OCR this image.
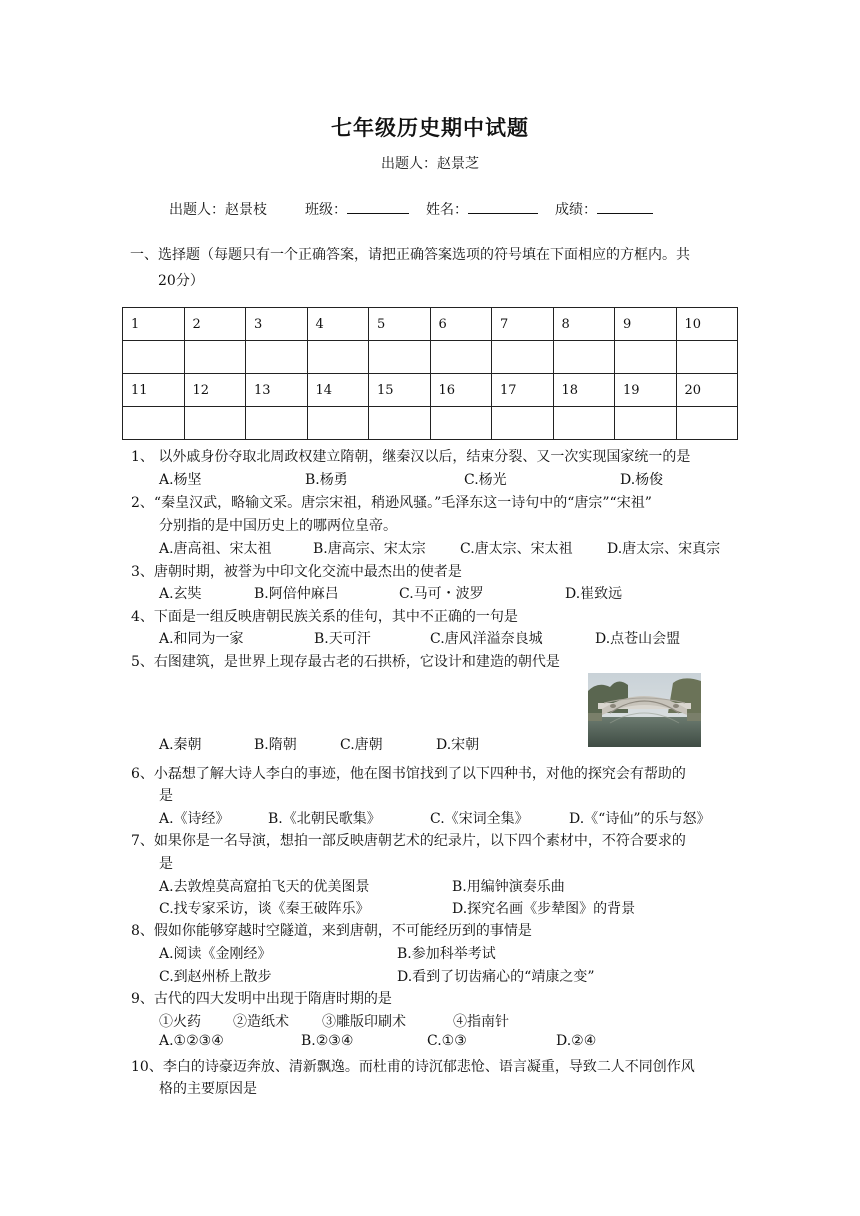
七年级历史期中试题
出题人：赵景芝
出题人：赵景枝	班级：	姓名：	成绩：
一、选择题（每题只有一个正确答案，请把正确答案选项的符号填在下面相应的方框内。共
20分）
1	2	3	4	5	6	7	8	9	10

11	12	13	14	15	16	17	18	19	20

1、 以外戚身份夺取北周政权建立隋朝，继秦汉以后，结束分裂、又一次实现国家统一的是
A.杨坚	B.杨勇	C.杨光	D.杨俊
2、“秦皇汉武，略输文采。唐宗宋祖，稍逊风骚。”毛泽东这一诗句中的“唐宗”“宋祖”
分别指的是中国历史上的哪两位皇帝。
A.唐高祖、宋太祖	B.唐高宗、宋太宗 C.唐太宗、宋太祖 D.唐太宗、宋真宗
3、唐朝时期，被誉为中印文化交流中最杰出的使者是
A.玄奘	B.阿倍仲麻吕	C.马可・波罗	D.崔致远
4、下面是一组反映唐朝民族关系的佳句，其中不正确的一句是
A.和同为一家	B.天可汗	C.唐风洋溢奈良城	D.点苍山会盟
5、右图建筑，是世界上现存最古老的石拱桥，它设计和建造的朝代是
A.秦朝	B.隋朝	C.唐朝	D.宋朝
6、小磊想了解大诗人李白的事迹，他在图书馆找到了以下四种书，对他的探究会有帮助的
是
A.《诗经》	B.《北朝民歌集》	C.《宋词全集》	D.《“诗仙”的乐与怒》
7、如果你是一名导演，想拍一部反映唐朝艺术的纪录片，以下四个素材中，不符合要求的
是
A.去敦煌莫高窟拍飞天的优美图景	B.用编钟演奏乐曲
C.找专家采访，谈《秦王破阵乐》	D.探究名画《步辇图》的背景
8、假如你能够穿越时空隧道，来到唐朝，不可能经历到的事情是
A.阅读《金刚经》	B.参加科举考试
C.到赵州桥上散步	D.看到了切齿痛心的“靖康之变”
9、古代的四大发明中出现于隋唐时期的是
①火药 ②造纸术 ③雕版印刷术	④指南针
A.①②③④	B.②③④	C.①③	D.②④
10、李白的诗豪迈奔放、清新飘逸。而杜甫的诗沉郁悲怆、语言凝重，导致二人不同创作风
格的主要原因是
